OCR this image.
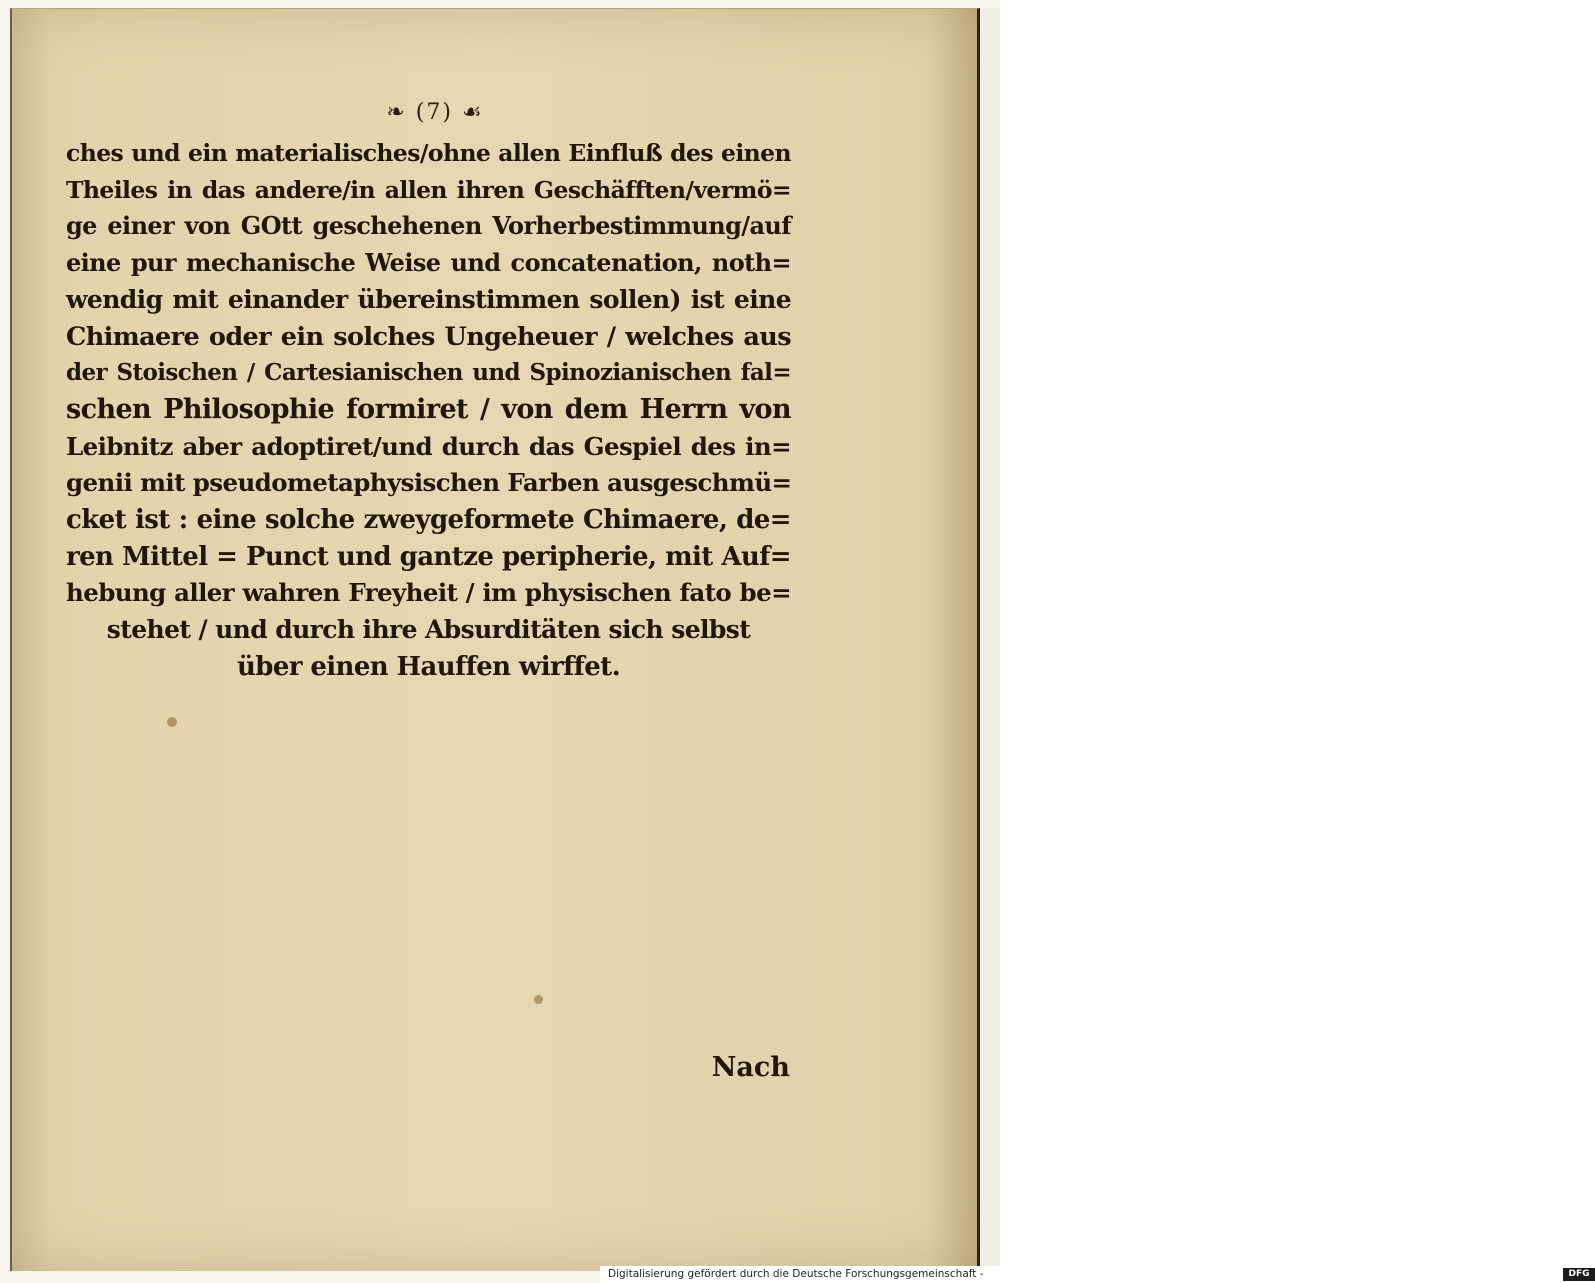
❧ (7) ☙
ches und ein materialisches/ohne allen Einfluß des einen
Theiles in das andere/in allen ihren Geschäfften/vermö=
ge einer von GOtt geschehenen Vorherbestimmung/auf
eine pur mechanische Weise und concatenation, noth=
wendig mit einander übereinstimmen sollen) ist eine
Chimaere oder ein solches Ungeheuer / welches aus
der Stoischen / Cartesianischen und Spinozianischen fal=
schen Philosophie formiret / von dem Herrn von
Leibnitz aber adoptiret/und durch das Gespiel des in=
genii mit pseudometaphysischen Farben ausgeschmü=
cket ist : eine solche zweygeformete Chimaere, de=
ren Mittel = Punct und gantze peripherie, mit Auf=
hebung aller wahren Freyheit / im physischen fato be=
stehet / und durch ihre Absurditäten sich selbst
über einen Hauffen wirffet.
Nach
Digitalisierung gefördert durch die Deutsche Forschungsgemeinschaft -	DFG
